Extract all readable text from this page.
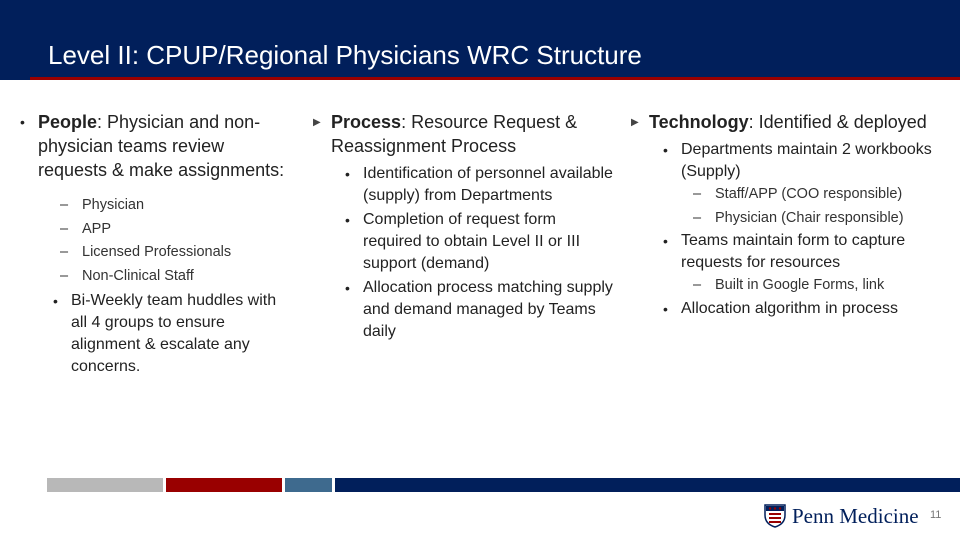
Level II: CPUP/Regional Physicians WRC Structure
• People: Physician and non-physician teams review requests & make assignments:
– Physician
– APP
– Licensed Professionals
– Non-Clinical Staff
• Bi-Weekly team huddles with all 4 groups to ensure alignment & escalate any concerns.
▶ Process: Resource Request & Reassignment Process
• Identification of personnel available (supply) from Departments
• Completion of request form required to obtain Level II or III support (demand)
• Allocation process matching supply and demand managed by Teams daily
▶ Technology: Identified & deployed
• Departments maintain 2 workbooks (Supply)
– Staff/APP (COO responsible)
– Physician (Chair responsible)
• Teams maintain form to capture requests for resources
– Built in Google Forms, link
• Allocation algorithm in process
Penn Medicine 11
